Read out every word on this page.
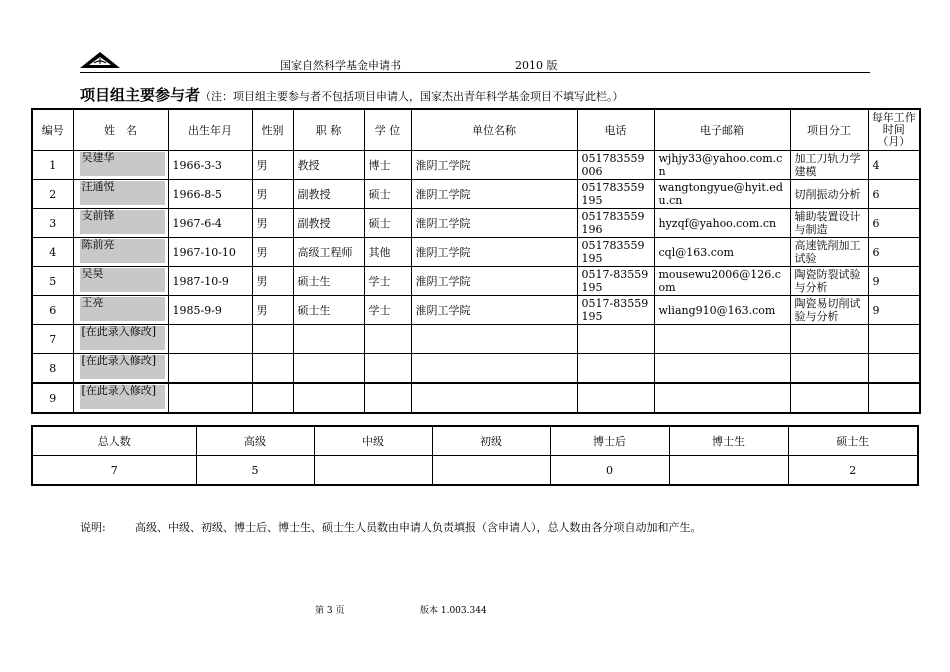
国家自然科学基金申请书	2010 版
项目组主要参与者（注：项目组主要参与者不包括项目申请人，国家杰出青年科学基金项目不填写此栏。）
编号	姓　名	出生年月	性别	职 称	学 位	单位名称	电话	电子邮箱	项目分工	每年工作时间（月）
1	吴建华	1966-3-3	男	教授	博士	淮阴工学院	051783559006	wjhjy33@yahoo.com.cn	加工刀轨力学建模	4
2	汪通悦	1966-8-5	男	副教授	硕士	淮阴工学院	051783559195	wangtongyue@hyit.edu.cn	切削振动分析	6
3	支前锋	1967-6-4	男	副教授	硕士	淮阴工学院	051783559196	hyzqf@yahoo.com.cn	辅助装置设计与制造	6
4	陈前亮	1967-10-10	男	高级工程师	其他	淮阴工学院	051783559195	cql@163.com	高速铣削加工试验	6
5	吴昊	1987-10-9	男	硕士生	学士	淮阴工学院	0517-83559195	mousewu2006@126.com	陶瓷防裂试验与分析	9
6	王亮	1985-9-9	男	硕士生	学士	淮阴工学院	0517-83559195	wliang910@163.com	陶瓷易切削试验与分析	9
7	[在此录入修改]									

8	[在此录入修改]									

9	[在此录入修改]									

总人数	高级	中级	初级	博士后	博士生	硕士生
7	5			0		2
说明:	高级、中级、初级、博士后、博士生、硕士生人员数由申请人负责填报（含申请人），总人数由各分项自动加和产生。
第 3 页	版本 1.003.344
